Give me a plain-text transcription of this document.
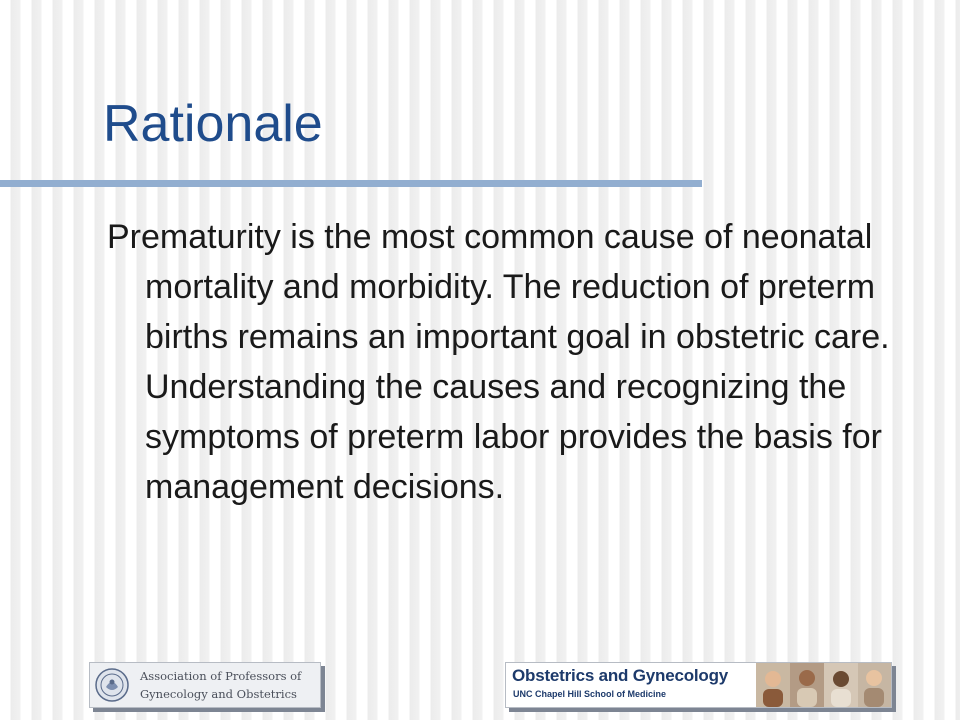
Rationale

Prematurity is the most common cause of neonatal mortality and morbidity. The reduction of preterm births remains an important goal in obstetric care. Understanding the causes and recognizing the symptoms of preterm labor provides the basis for management decisions.

Association of Professors of
Gynecology and Obstetrics
Obstetrics and Gynecology
UNC Chapel Hill School of Medicine
